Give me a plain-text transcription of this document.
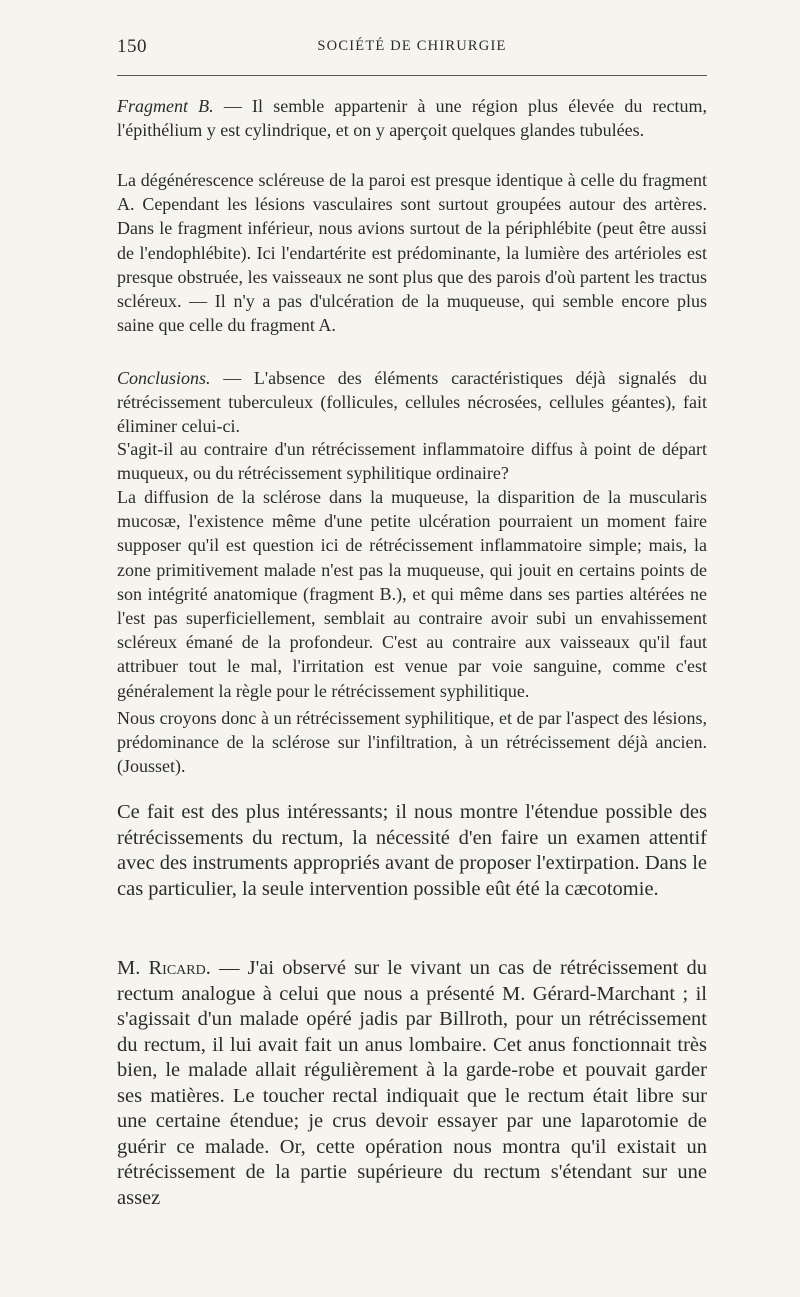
150	SOCIÉTÉ DE CHIRURGIE

Fragment B. — Il semble appartenir à une région plus élevée du rectum, l'épithélium y est cylindrique, et on y aperçoit quelques glandes tubulées.

La dégénérescence scléreuse de la paroi est presque identique à celle du fragment A. Cependant les lésions vasculaires sont surtout groupées autour des artères. Dans le fragment inférieur, nous avions surtout de la périphlébite (peut être aussi de l'endophlébite). Ici l'endartérite est prédominante, la lumière des artérioles est presque obstruée, les vaisseaux ne sont plus que des parois d'où partent les tractus scléreux. — Il n'y a pas d'ulcération de la muqueuse, qui semble encore plus saine que celle du fragment A.

Conclusions. — L'absence des éléments caractéristiques déjà signalés du rétrécissement tuberculeux (follicules, cellules nécrosées, cellules géantes), fait éliminer celui-ci.

S'agit-il au contraire d'un rétrécissement inflammatoire diffus à point de départ muqueux, ou du rétrécissement syphilitique ordinaire?

La diffusion de la sclérose dans la muqueuse, la disparition de la muscularis mucosæ, l'existence même d'une petite ulcération pourraient un moment faire supposer qu'il est question ici de rétrécissement inflammatoire simple; mais, la zone primitivement malade n'est pas la muqueuse, qui jouit en certains points de son intégrité anatomique (fragment B.), et qui même dans ses parties altérées ne l'est pas superficiellement, semblait au contraire avoir subi un envahissement scléreux émané de la profondeur. C'est au contraire aux vaisseaux qu'il faut attribuer tout le mal, l'irritation est venue par voie sanguine, comme c'est généralement la règle pour le rétrécissement syphilitique.

Nous croyons donc à un rétrécissement syphilitique, et de par l'aspect des lésions, prédominance de la sclérose sur l'infiltration, à un rétrécissement déjà ancien. (Jousset).

Ce fait est des plus intéressants; il nous montre l'étendue possible des rétrécissements du rectum, la nécessité d'en faire un examen attentif avec des instruments appropriés avant de proposer l'extirpation. Dans le cas particulier, la seule intervention possible eût été la cæcotomie.

M. Ricard. — J'ai observé sur le vivant un cas de rétrécissement du rectum analogue à celui que nous a présenté M. Gérard-Marchant ; il s'agissait d'un malade opéré jadis par Billroth, pour un rétrécissement du rectum, il lui avait fait un anus lombaire. Cet anus fonctionnait très bien, le malade allait régulièrement à la garde-robe et pouvait garder ses matières. Le toucher rectal indiquait que le rectum était libre sur une certaine étendue; je crus devoir essayer par une laparotomie de guérir ce malade. Or, cette opération nous montra qu'il existait un rétrécissement de la partie supérieure du rectum s'étendant sur une assez
